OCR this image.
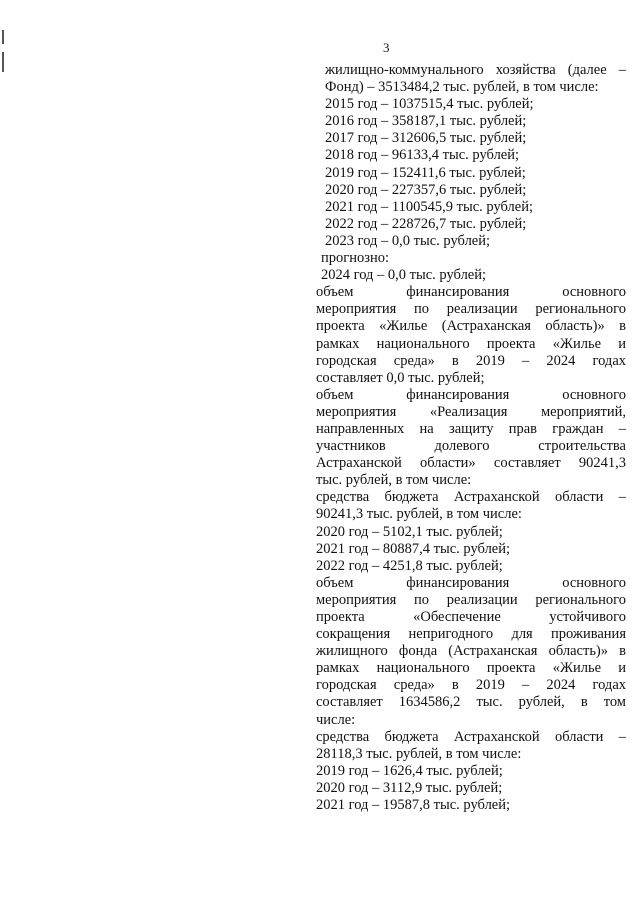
3
жилищно-коммунального хозяйства (далее –
Фонд) – 3513484,2 тыс. рублей, в том числе:
2015 год – 1037515,4 тыс. рублей;
2016 год – 358187,1 тыс. рублей;
2017 год – 312606,5 тыс. рублей;
2018 год – 96133,4 тыс. рублей;
2019 год – 152411,6 тыс. рублей;
2020 год – 227357,6 тыс. рублей;
2021 год – 1100545,9 тыс. рублей;
2022 год – 228726,7 тыс. рублей;
2023 год – 0,0 тыс. рублей;
прогнозно:
2024 год – 0,0 тыс. рублей;
объем финансирования основного
мероприятия по реализации регионального
проекта «Жилье (Астраханская область)» в
рамках национального проекта «Жилье и
городская среда» в 2019 – 2024 годах
составляет 0,0 тыс. рублей;
объем финансирования основного
мероприятия «Реализация мероприятий,
направленных на защиту прав граждан –
участников долевого строительства
Астраханской области» составляет 90241,3
тыс. рублей, в том числе:
средства бюджета Астраханской области –
90241,3 тыс. рублей, в том числе:
2020 год – 5102,1 тыс. рублей;
2021 год – 80887,4 тыс. рублей;
2022 год – 4251,8 тыс. рублей;
объем финансирования основного
мероприятия по реализации регионального
проекта «Обеспечение устойчивого
сокращения непригодного для проживания
жилищного фонда (Астраханская область)» в
рамках национального проекта «Жилье и
городская среда» в 2019 – 2024 годах
составляет 1634586,2 тыс. рублей, в том
числе:
средства бюджета Астраханской области –
28118,3 тыс. рублей, в том числе:
2019 год – 1626,4 тыс. рублей;
2020 год – 3112,9 тыс. рублей;
2021 год – 19587,8 тыс. рублей;
